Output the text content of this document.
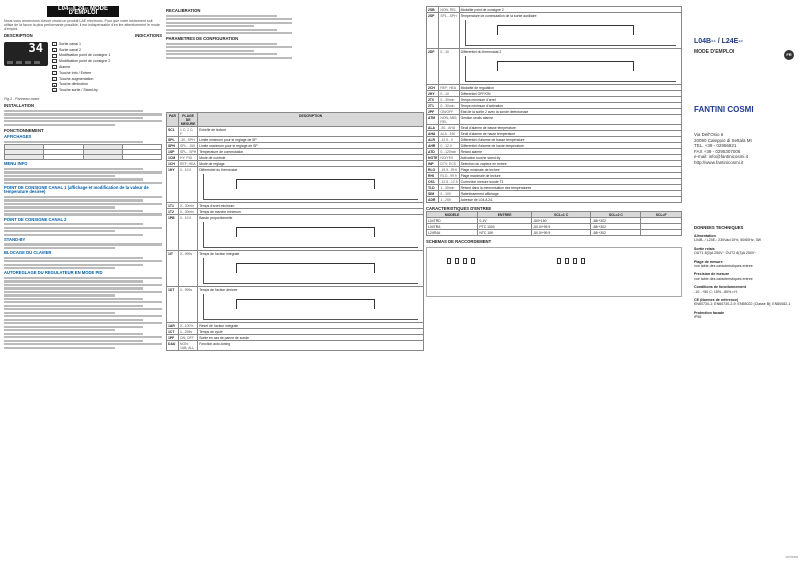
L04--/L24-- MODE D'EMPLOI
Nous vous remercions d'avoir choisi un produit LAE electronic. Pour que votre instrument soit utilise de la facon la plus performante possible, il est indispensable d'en lire attentivement le mode d'emploi.
DESCRIPTION	INDICATIONS
34	1	Sortie canal 1
2	Sortie canal 2
◦	Modification point de consigne 1
◦	Modification point de consigne 2
!	Alarme
i	Touche Info / Entree
▲ Touche augmentation
▼ Touche diminution
⏻ Touche sortie / Stand-by
Fig.1 - Panneau avant
INSTALLATION
FONCTIONNEMENT
AFFICHAGES

MENU INFO
POINT DE CONSIGNE CANAL 1 (affichage et modification de la valeur de temperature desiree)
POINT DE CONSIGNE CANAL 2
STAND-BY
BLOCAGE DU CLAVIER
AUTOREGLAGE DU REGULATEUR EN MODE PID
RECALIBRATION
PARAMETRES DE CONFIGURATION
PAR	PLAGE DE MESURE	DESCRIPTION
SCL	1 C; 2 C; F	Echelle de lecture
SPL	-30...SPH	Limite minimum pour le reglage de SP
SPH	SPL...150	Limite maximum pour le reglage de SP
1SP	SPL...SPH	Temperature de commutation
1CM	HY; PID	Mode de controle
1CH	REF; HEA	Mode de reglage
1HY	0...10.0	Differentiel du thermostat

1T1	0...30min	Temps d'arret minimum
1T2	0...30min	Temps de marche minimum
1PB	0...10.0	Bande proportionnelle

1IT	0...999s	Temps de l'action integrale

1DT	0...999s	Temps de l'action derivee

1AR	0...100%	Reset de l'action integrale
1CT	1...255s	Temps de cycle
1PF	ON; OFF	Sortie en cas de panne de sonde
DAU	NON; 1AB; ALL	Fonction auto-tuning
2SB	NON; REL	Modalite point de consigne 2
2SP	SPL...SPH	Temperature de commutation de la sortie auxiliaire

2DF	0...10	Differentiel du thermostat 2

2CH	REF; HEA	Modalite de regulation
2HY	0...10	Differentiel OFF/ON
2T0	0...30min	Temps minimum d'arret
2T1	0...30min	Temps minimum d'activation
2PF	ON/OFF	Etat de la sortie 2 avec la sonde defectueuse
ATM	NON; ABS; REL	Gestion seuils alarme
ALA	-50...AHA	Seuil d'alarme de basse temperature
AHA	ALA...150	Seuil d'alarme de haute temperature
ALR	-12.0...0	Differentiel d'alarme de basse temperature
AHR	0...12.0	Differentiel d'alarme de haute temperature
ATD	0...120min	Retard alarme
NOTE	NO/YES	Activation touche stand-by
INP	DTV; ECS	Selection du capteur en entree
RLO	-19.9...RHI	Plage minimale de lecture
RHI	RLO...99.9	Plage maximale de lecture
OS1	-12.5...12.5	Correction mesure sonde T1
TLD	1...30min	Retard dans la memorisation des temperatures
SIM	0...100	Ralentissement affichage
ADR	1...255	Adresse de L04-/L24-
CARACTERISTIQUES D'ENTREE
MODELE	ENTREE	SCL=1 C	SCL=2 C	SCL=F
L04TRD	0-1V	-50/+150	-58/+302	
L04TRA	PTC 1000	-50.0/+99.9	-58/+302	
L24R4A	NTC 10K	-50.0/+99.9	-58/+302	
SCHEMAS DE RACCORDEMENT
L04B-- / L24E--
MODE D'EMPLOI	FR
FANTINI COSMI
Via Dell'Osio 6
20090 Caleppio di Settala MI
TEL. +39 - 02956821
FAX +39 - 0295307006
e-mail: info@fantinicosmi.it
http://www.fantinicosmi.it
DONNEES TECHNIQUES
Alimentation
L04B- / L24E-: 230Vac/10%, 50/60Hz, 3W
Sortie relais
OUT1 8(3)A 250V~ OUT2 8(3)A 250V~
Plage de mesure
voir table des caracteristiques entree
Precision de mesure
voir table des caracteristiques entree
Conditions de fonctionnement
-10...+50 C; 15%...80% r.H.
CE (Normes de reference)
EN60730-1; EN60730-2-9; EN55022 (Classe B); EN50082-1
Protection facade
IP55
FR78400
